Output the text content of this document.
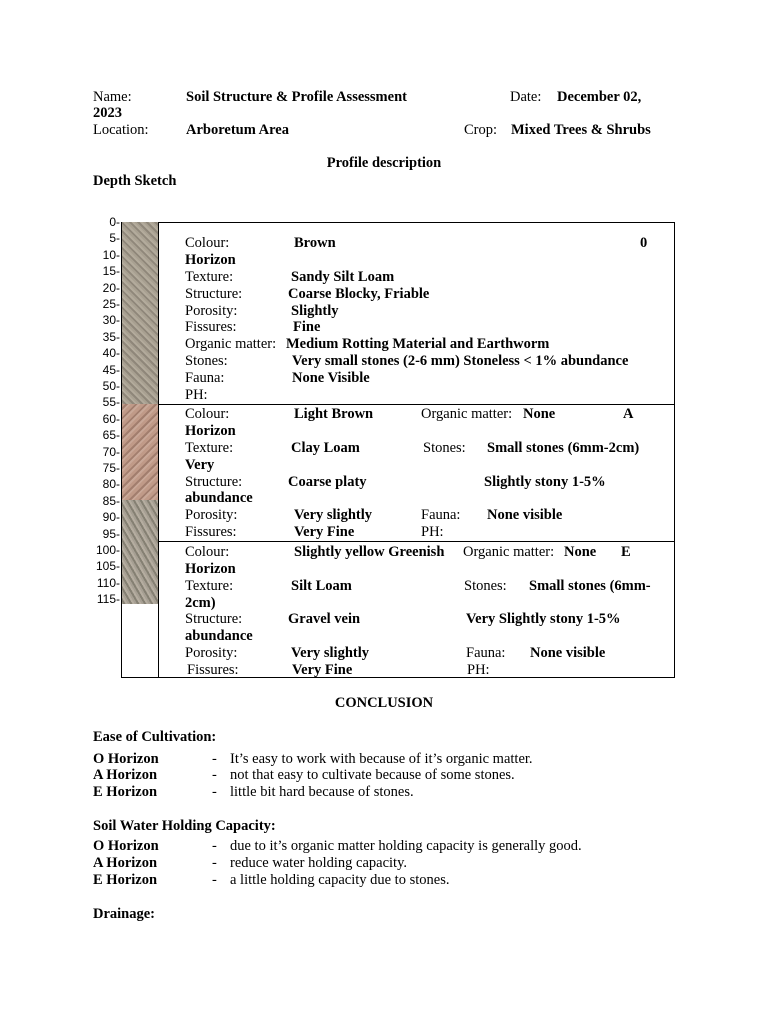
Name:	Soil Structure & Profile Assessment	Date: December 02,
2023
Location:	Arboretum Area	Crop: Mixed Trees & Shrubs
Profile description
Depth Sketch
0-
5-
10-
15-
20-
25-
30-
35-
40-
45-
50-
55-
60-
65-
70-
75-
80-
85-
90-
95-
100-
105-
110-
115-
Colour:	Brown	0
Horizon
Texture:	Sandy Silt Loam
Structure:	Coarse Blocky, Friable
Porosity:	Slightly
Fissures:	Fine
Organic matter: Medium Rotting Material and Earthworm
Stones:	Very small stones (2-6 mm) Stoneless < 1% abundance
Fauna:	None Visible
PH:
Colour:	Light Brown	Organic matter: None	A
Horizon
Texture:	Clay Loam	Stones: Small stones (6mm-2cm)
Very
Structure:	Coarse platy	Slightly stony 1-5%
abundance
Porosity:	Very slightly	Fauna: None visible
Fissures:	Very Fine	PH:
Colour:	Slightly yellow Greenish Organic matter: None E
Horizon
Texture:	Silt Loam	Stones: Small stones (6mm-
2cm)
Structure:	Gravel vein	Very Slightly stony 1-5%
abundance
Porosity:	Very slightly	Fauna: None visible
Fissures:	Very Fine	PH:
CONCLUSION
Ease of Cultivation:
O Horizon	- It’s easy to work with because of it’s organic matter.
A Horizon	- not that easy to cultivate because of some stones.
E Horizon	- little bit hard because of stones.
Soil Water Holding Capacity:
O Horizon	- due to it’s organic matter holding capacity is generally good.
A Horizon	- reduce water holding capacity.
E Horizon	- a little holding capacity due to stones.
Drainage:
